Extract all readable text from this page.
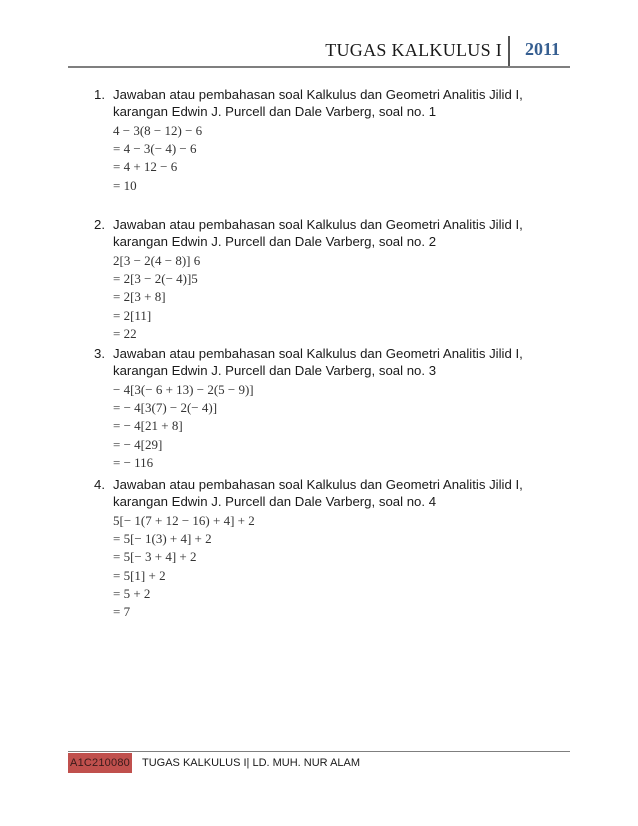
TUGAS KALKULUS I 2011
1. Jawaban atau pembahasan soal Kalkulus dan Geometri Analitis Jilid I,
karangan Edwin J. Purcell dan Dale Varberg, soal no. 1
4 − 3(8 − 12) − 6
= 4 − 3(− 4) − 6
= 4 + 12 − 6
= 10
2. Jawaban atau pembahasan soal Kalkulus dan Geometri Analitis Jilid I,
karangan Edwin J. Purcell dan Dale Varberg, soal no. 2
2[3 − 2(4 − 8)] 6
= 2[3 − 2(− 4)]5
= 2[3 + 8]
= 2[11]
= 22
3. Jawaban atau pembahasan soal Kalkulus dan Geometri Analitis Jilid I,
karangan Edwin J. Purcell dan Dale Varberg, soal no. 3
− 4[3(− 6 + 13) − 2(5 − 9)]
= − 4[3(7) − 2(− 4)]
= − 4[21 + 8]
= − 4[29]
= − 116
4. Jawaban atau pembahasan soal Kalkulus dan Geometri Analitis Jilid I,
karangan Edwin J. Purcell dan Dale Varberg, soal no. 4
5[− 1(7 + 12 − 16) + 4] + 2
= 5[− 1(3) + 4] + 2
= 5[− 3 + 4] + 2
= 5[1] + 2
= 5 + 2
= 7
A1C210080 TUGAS KALKULUS I| LD. MUH. NUR ALAM
